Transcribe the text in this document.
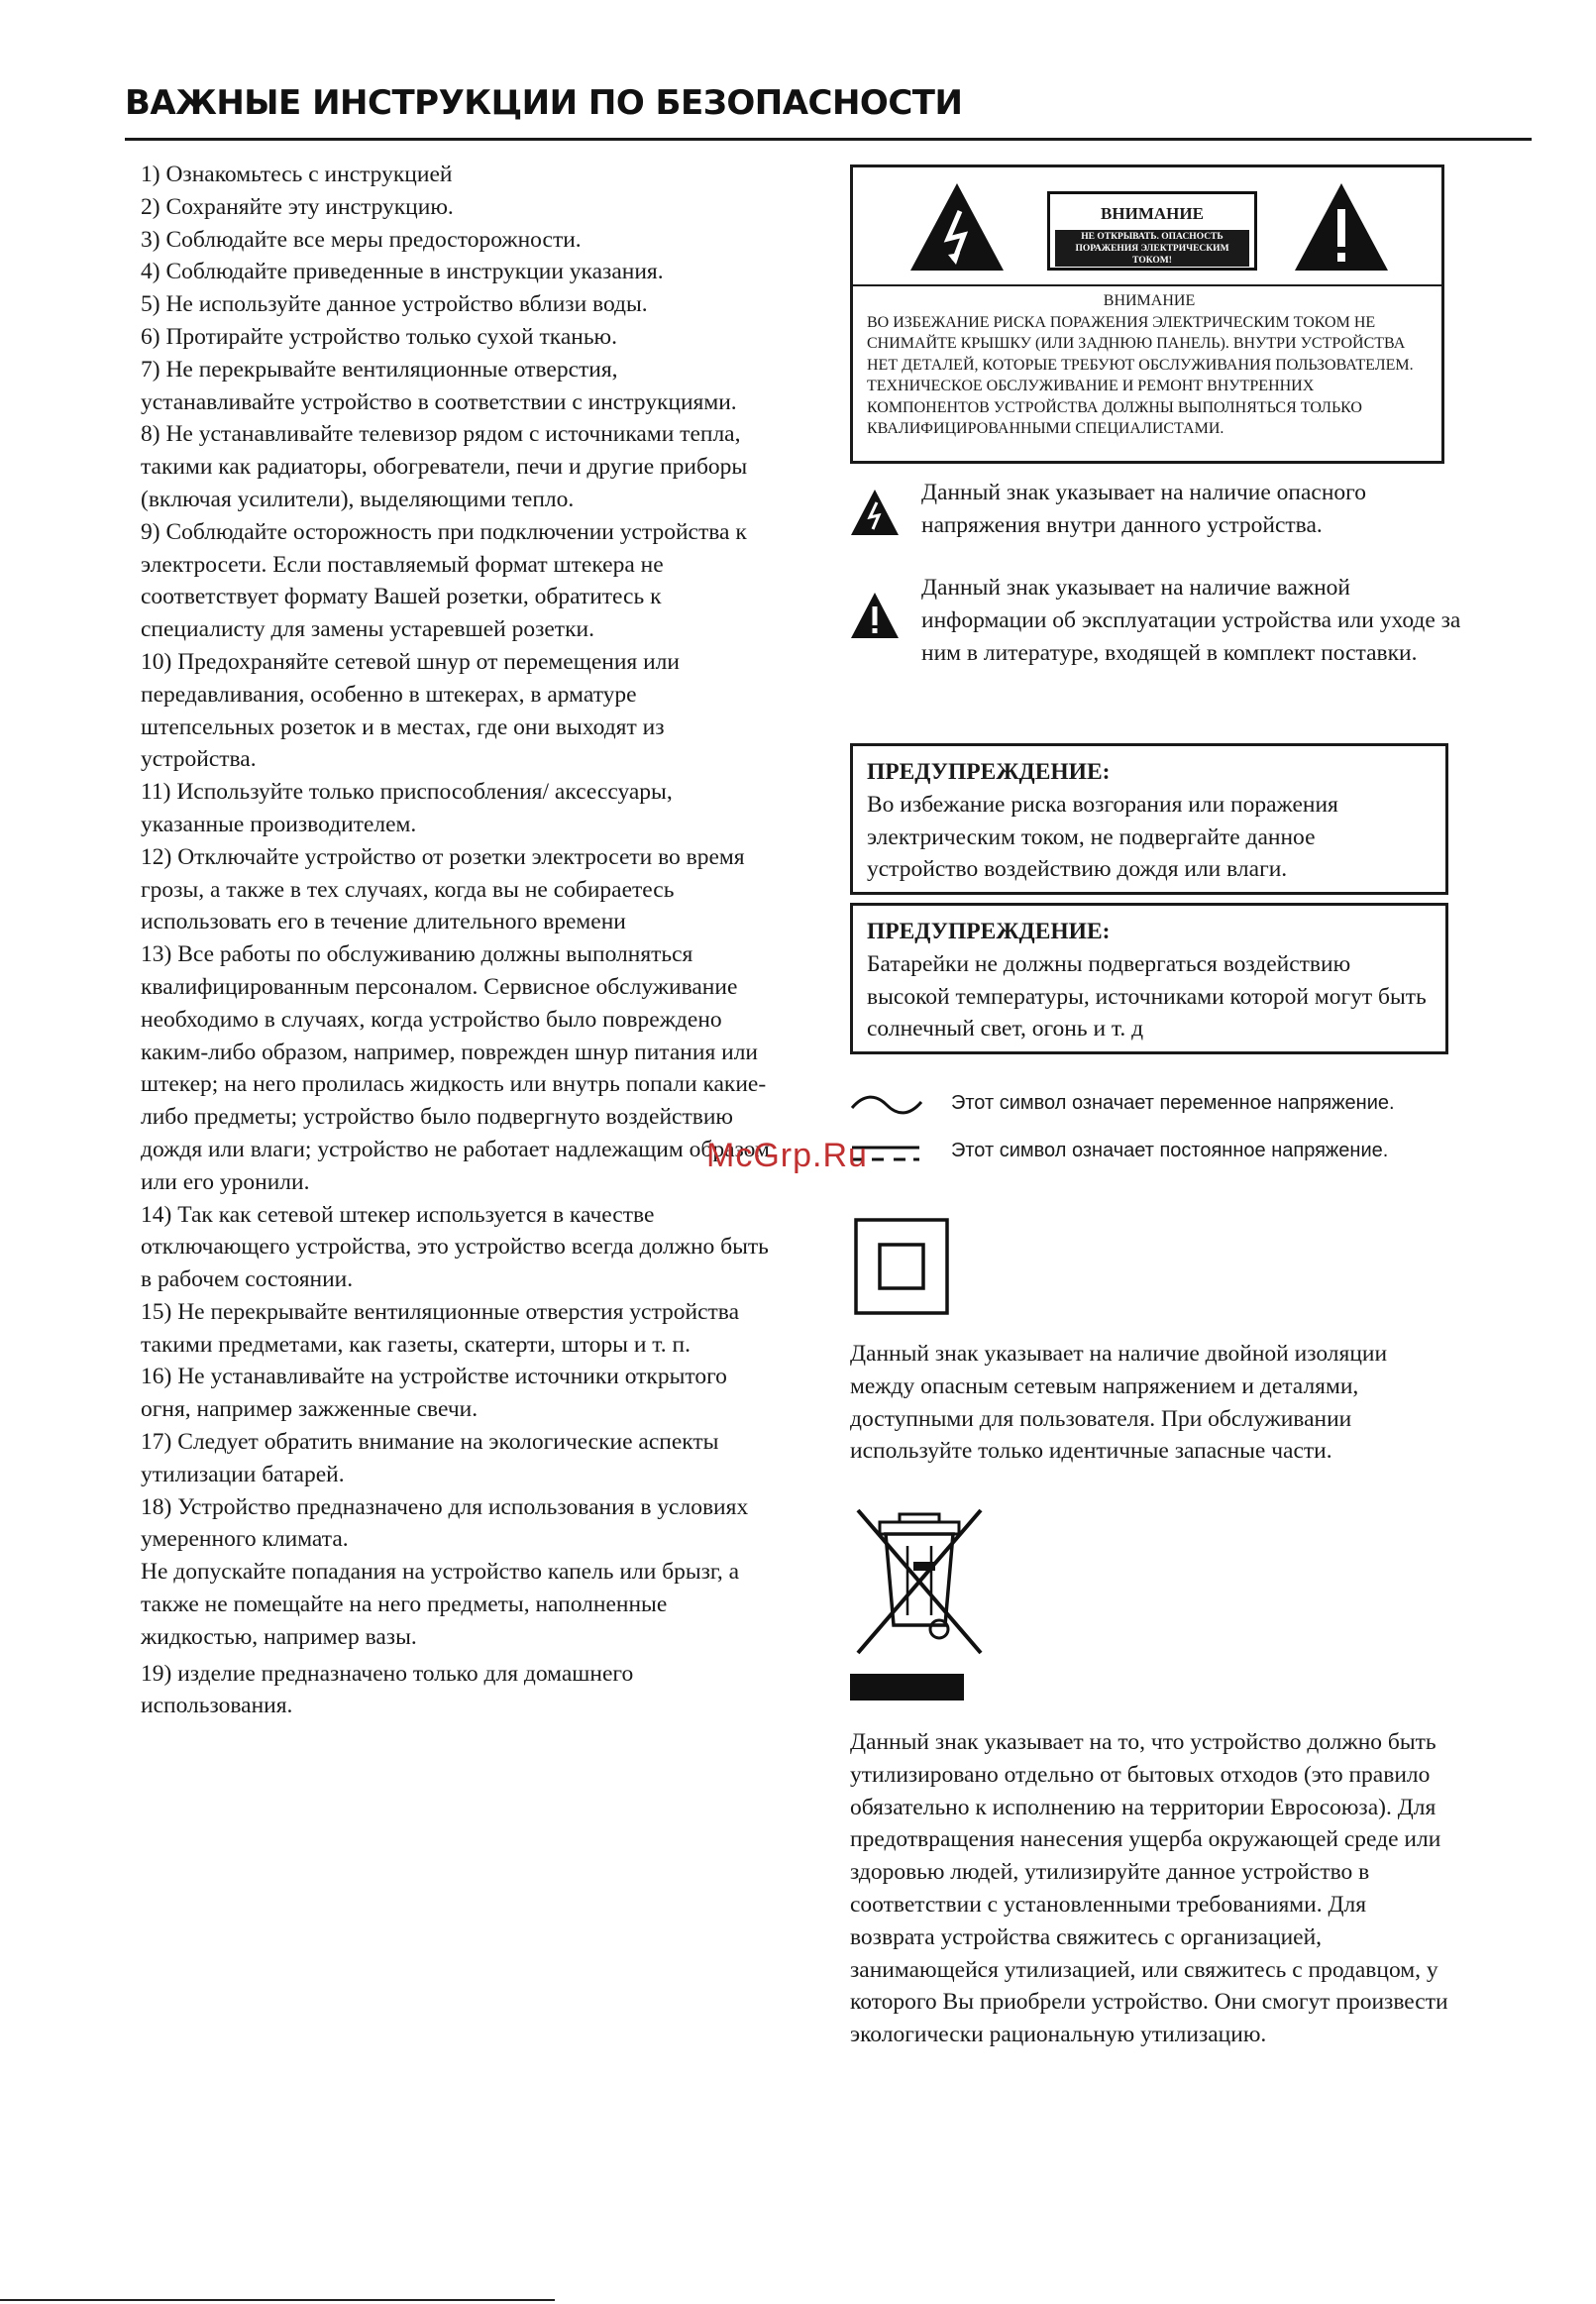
ВАЖНЫЕ ИНСТРУКЦИИ ПО БЕЗОПАСНОСТИ

1) Ознакомьтесь с инструкцией

2) Сохраняйте эту инструкцию.

3) Соблюдайте все меры предосторожности.

4) Соблюдайте приведенные в инструкции указания.

5) Не используйте данное устройство вблизи воды.

6) Протирайте устройство только сухой тканью.

7) Не перекрывайте вентиляционные отверстия, устанавливайте устройство в соответствии с инструкциями.

8) Не устанавливайте телевизор рядом с источниками тепла, такими как радиаторы, обогреватели, печи и другие приборы (включая усилители), выделяющими тепло.

9) Соблюдайте осторожность при подключении устройства к электросети. Если поставляемый формат штекера не соответствует формату Вашей розетки, обратитесь к специалисту для замены устаревшей розетки.

10) Предохраняйте сетевой шнур от перемещения или передавливания, особенно в штекерах, в арматуре штепсельных розеток и в местах, где они выходят из устройства.

11) Используйте только приспособления/ аксессуары, указанные производителем.

12) Отключайте устройство от розетки электросети во время грозы, а также в тех случаях, когда вы не собираетесь использовать его в течение длительного времени

13) Все работы по обслуживанию должны выполняться квалифицированным персоналом. Сервисное обслуживание необходимо в случаях, когда устройство было повреждено каким-либо образом, например, поврежден шнур питания или штекер; на него пролилась жидкость или внутрь попали какие-либо предметы; устройство было подвергнуто воздействию дождя или влаги; устройство не работает надлежащим образом или его уронили.

14) Так как сетевой штекер используется в качестве отключающего устройства, это устройство всегда должно быть в рабочем состоянии.

15) Не перекрывайте вентиляционные отверстия устройства такими предметами, как газеты, скатерти, шторы и т. п.

16) Не устанавливайте на устройстве источники открытого огня, например зажженные свечи.

17) Следует обратить внимание на экологические аспекты утилизации батарей.

18) Устройство предназначено для использования в условиях умеренного климата.

Не допускайте попадания на устройство капель или брызг, а также не помещайте на него предметы, наполненные жидкостью, например вазы.

19) изделие предназначено только для домашнего использования.

ВНИМАНИЕ
НЕ ОТКРЫВАТЬ. ОПАСНОСТЬ ПОРАЖЕНИЯ ЭЛЕКТРИЧЕСКИМ ТОКОМ!
ВНИМАНИЕ
ВО ИЗБЕЖАНИЕ РИСКА ПОРАЖЕНИЯ ЭЛЕКТРИЧЕСКИМ ТОКОМ НЕ СНИМАЙТЕ КРЫШКУ (ИЛИ ЗАДНЮЮ ПАНЕЛЬ). ВНУТРИ УСТРОЙСТВА НЕТ ДЕТАЛЕЙ, КОТОРЫЕ ТРЕБУЮТ ОБСЛУЖИВАНИЯ ПОЛЬЗОВАТЕЛЕМ. ТЕХНИЧЕСКОЕ ОБСЛУЖИВАНИЕ И РЕМОНТ ВНУТРЕННИХ КОМПОНЕНТОВ УСТРОЙСТВА ДОЛЖНЫ ВЫПОЛНЯТЬСЯ ТОЛЬКО КВАЛИФИЦИРОВАННЫМИ СПЕЦИАЛИСТАМИ.
Данный знак указывает на наличие опасного напряжения внутри данного устройства.
Данный знак указывает на наличие важной информации об эксплуатации устройства или уходе за ним в литературе, входящей в комплект поставки.
ПРЕДУПРЕЖДЕНИЕ:
Во избежание риска возгорания или поражения электрическим током, не подвергайте данное устройство воздействию дождя или влаги.
ПРЕДУПРЕЖДЕНИЕ:
Батарейки не должны подвергаться воздействию высокой температуры, источниками которой могут быть солнечный свет, огонь и т. д
Этот символ означает переменное напряжение.
Этот символ означает постоянное напряжение.

Данный знак указывает на наличие двойной изоляции между опасным сетевым напряжением и деталями, доступными для пользователя. При обслуживании используйте только идентичные запасные части.

Данный знак указывает на то, что устройство должно быть утилизировано отдельно от бытовых отходов (это правило обязательно к исполнению на территории Евросоюза). Для предотвращения нанесения ущерба окружающей среде или здоровью людей, утилизируйте данное устройство в соответствии с установленными требованиями. Для возврата устройства свяжитесь с организацией, занимающейся утилизацией, или свяжитесь с продавцом, у которого Вы приобрели устройство. Они смогут произвести экологически рациональную утилизацию.

McGrp.Ru
